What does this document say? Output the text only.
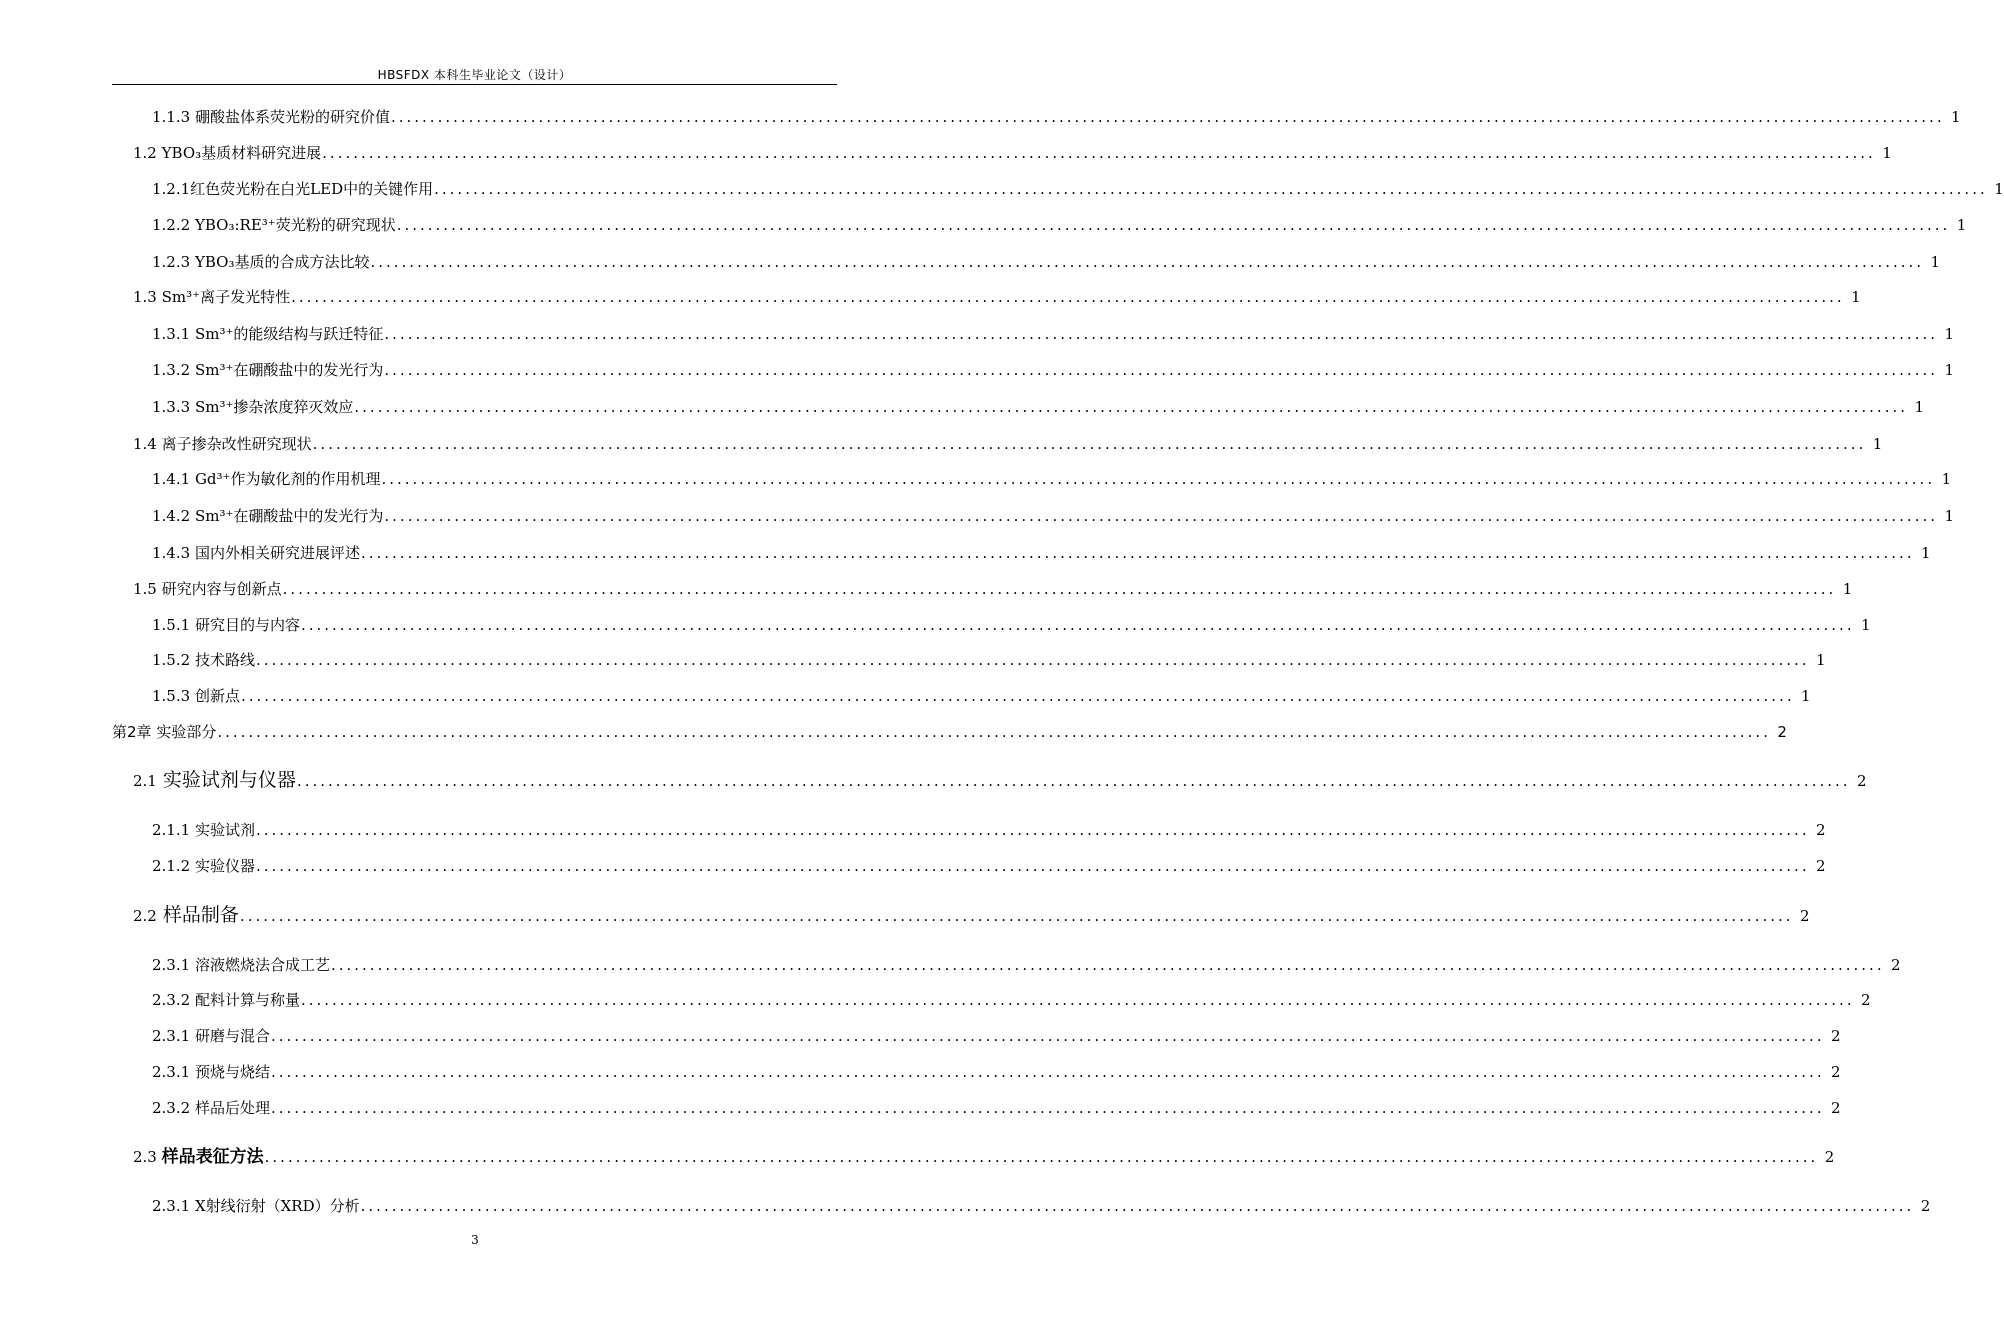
HBSFDX 本科生毕业论文（设计）
1.1.3 硼酸盐体系荧光粉的研究价值 ........................................................................................................................................................................................................ 1
1.2 YBO₃基质材料研究进展 ........................................................................................................................................................................................................ 1
1.2.1红色荧光粉在白光LED中的关键作用 ........................................................................................................................................................................................................ 1
1.2.2 YBO₃:RE³⁺荧光粉的研究现状 ........................................................................................................................................................................................................ 1
1.2.3 YBO₃基质的合成方法比较 ........................................................................................................................................................................................................ 1
1.3 Sm³⁺离子发光特性 ........................................................................................................................................................................................................ 1
1.3.1 Sm³⁺的能级结构与跃迁特征 ........................................................................................................................................................................................................ 1
1.3.2 Sm³⁺在硼酸盐中的发光行为 ........................................................................................................................................................................................................ 1
1.3.3 Sm³⁺掺杂浓度猝灭效应 ........................................................................................................................................................................................................ 1
1.4 离子掺杂改性研究现状 ........................................................................................................................................................................................................ 1
1.4.1 Gd³⁺作为敏化剂的作用机理 ........................................................................................................................................................................................................ 1
1.4.2 Sm³⁺在硼酸盐中的发光行为 ........................................................................................................................................................................................................ 1
1.4.3 国内外相关研究进展评述 ........................................................................................................................................................................................................ 1
1.5 研究内容与创新点 ........................................................................................................................................................................................................ 1
1.5.1 研究目的与内容 ........................................................................................................................................................................................................ 1
1.5.2 技术路线 ........................................................................................................................................................................................................ 1
1.5.3 创新点 ........................................................................................................................................................................................................ 1
第2章 实验部分 ........................................................................................................................................................................................................ 2
2.1 实验试剂与仪器 ........................................................................................................................................................................................................ 2
2.1.1 实验试剂 ........................................................................................................................................................................................................ 2
2.1.2 实验仪器 ........................................................................................................................................................................................................ 2
2.2 样品制备 ........................................................................................................................................................................................................ 2
2.3.1 溶液燃烧法合成工艺 ........................................................................................................................................................................................................ 2
2.3.2 配料计算与称量 ........................................................................................................................................................................................................ 2
2.3.1 研磨与混合 ........................................................................................................................................................................................................ 2
2.3.1 预烧与烧结 ........................................................................................................................................................................................................ 2
2.3.2 样品后处理 ........................................................................................................................................................................................................ 2
2.3 样品表征方法 ........................................................................................................................................................................................................ 2
2.3.1 X射线衍射（XRD）分析 ........................................................................................................................................................................................................ 2
3
